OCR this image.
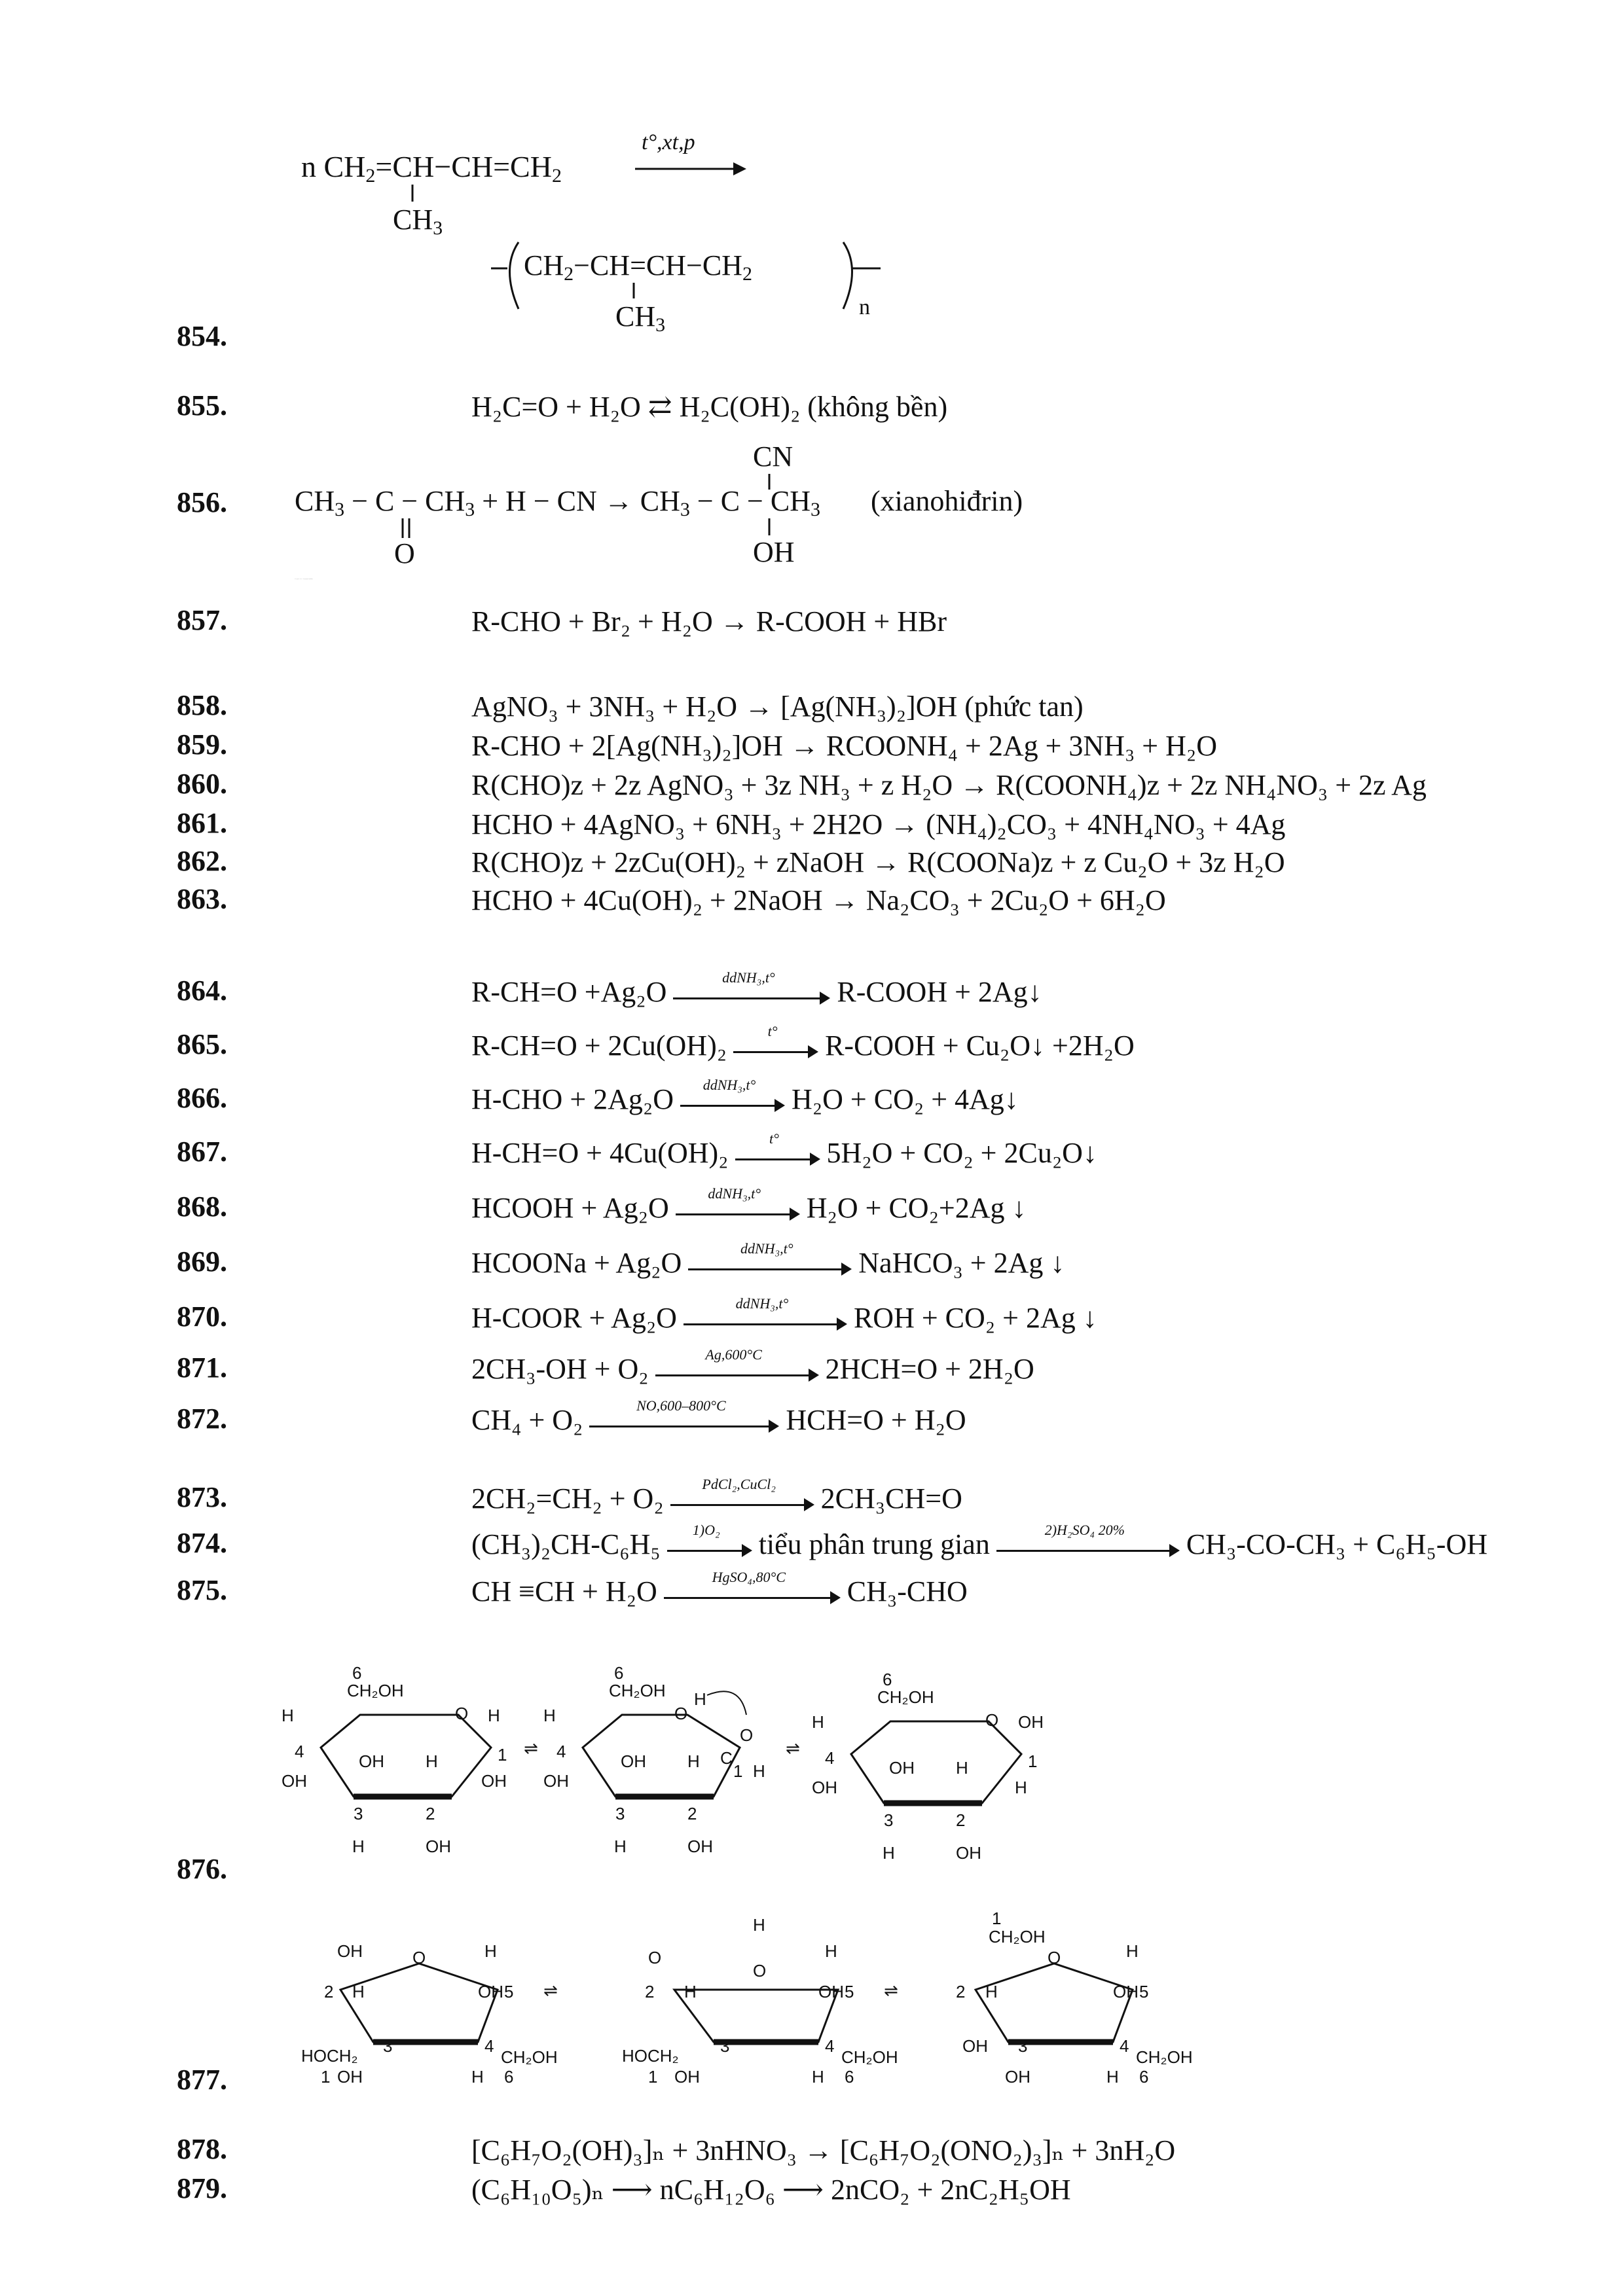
n CH2=CH−CH=CH2
CH3
t°,xt,p
CH2−CH=CH−CH2
CH3
n
854.
855.	H₂C=O + H₂O ⇄ H₂C(OH)₂ (không bền)
856.	CH3 − C − CH3 + H − CN → CH3 − C − CH3
O
CN
OH
(xianohiđrin)
CH₃−C(=O)−CH₃ + H−CN → CH₃−C(CN)(OH)−CH₃ (xianohiđrin)
857.	R-CHO + Br₂ + H₂O → R-COOH + HBr
858.	AgNO₃ + 3NH₃ + H₂O → [Ag(NH₃)₂]OH (phức tan)
859.	R-CHO + 2[Ag(NH₃)₂]OH → RCOONH₄ + 2Ag + 3NH₃ + H₂O
860.	R(CHO)z + 2z AgNO₃ + 3z NH₃ + z H₂O → R(COONH₄)z + 2z NH₄NO₃ + 2z Ag
861.	HCHO + 4AgNO₃ + 6NH₃ + 2H2O → (NH₄)₂CO₃ + 4NH₄NO₃ + 4Ag
862.	R(CHO)z + 2zCu(OH)₂ + zNaOH → R(COONa)z + z Cu₂O + 3z H₂O
863.	HCHO + 4Cu(OH)₂ + 2NaOH → Na₂CO₃ + 2Cu₂O + 6H₂O
864.	R-CH=O +Ag₂O	ddNH₃,t°	R-COOH + 2Ag↓
865.	R-CH=O + 2Cu(OH)₂	t°	R-COOH + Cu₂O↓ +2H₂O
866.	H-CHO + 2Ag₂O	ddNH₃,t°	H₂O + CO₂ + 4Ag↓
867.	H-CH=O + 4Cu(OH)₂	t°	5H₂O + CO₂ + 2Cu₂O↓
868.	HCOOH + Ag₂O	ddNH₃,t°	H₂O + CO₂+2Ag ↓
869.	HCOONa + Ag₂O	ddNH₃,t°	NaHCO₃ + 2Ag ↓
870.	H-COOR + Ag₂O	ddNH₃,t°	ROH + CO₂ + 2Ag ↓
871.	2CH₃-OH + O₂	Ag,600°C	2HCH=O + 2H₂O
872.	CH₄ + O₂	NO,600–800°C	HCH=O + H₂O
873.	2CH₂=CH₂ + O₂	PdCl₂,CuCl₂	2CH₃CH=O
874.	(CH₃)₂CH-C₆H₅	1)O₂	tiểu phân trung gian	2)H₂SO₄ 20%	CH₃-CO-CH₃ + C₆H₅-OH
875.	CH ≡CH + H₂O	HgSO₄,80°C	CH₃-CHO
O
6
CH₂OH
4
OH
H
OH H
3	2
H	OH
1
H
OH
⇌
6
CH₂OH
O
H
O
C
1 H
4
OH
H
OH H
3	2
H	OH
⇌
O
6
CH₂OH
4
OH
H
OH H
3	2
H	OH
1
OH
H
876.
glucose: dạng mạch vòng α ⇌ mạch hở ⇌ dạng mạch vòng β
O
OH
2 H
H
OH 5
HOCH₂
1 OH
3	4
CH₂OH
6
H
⇌
H
O
O
2 H
H
OH 5
HOCH₂
1 OH
3	4
CH₂OH
6
H
⇌
O
1
CH₂OH
2 H
H
OH 5
OH 3
OH
4
CH₂OH
6
H
877.
fructose: dạng vòng ⇌ mạch hở ⇌ dạng vòng
878.	[C₆H₇O₂(OH)₃]ₙ + 3nHNO₃ → [C₆H₇O₂(ONO₂)₃]ₙ + 3nH₂O
879.	(C₆H₁₀O₅)ₙ ⟶ nC₆H₁₂O₆ ⟶ 2nCO₂ + 2nC₂H₅OH
